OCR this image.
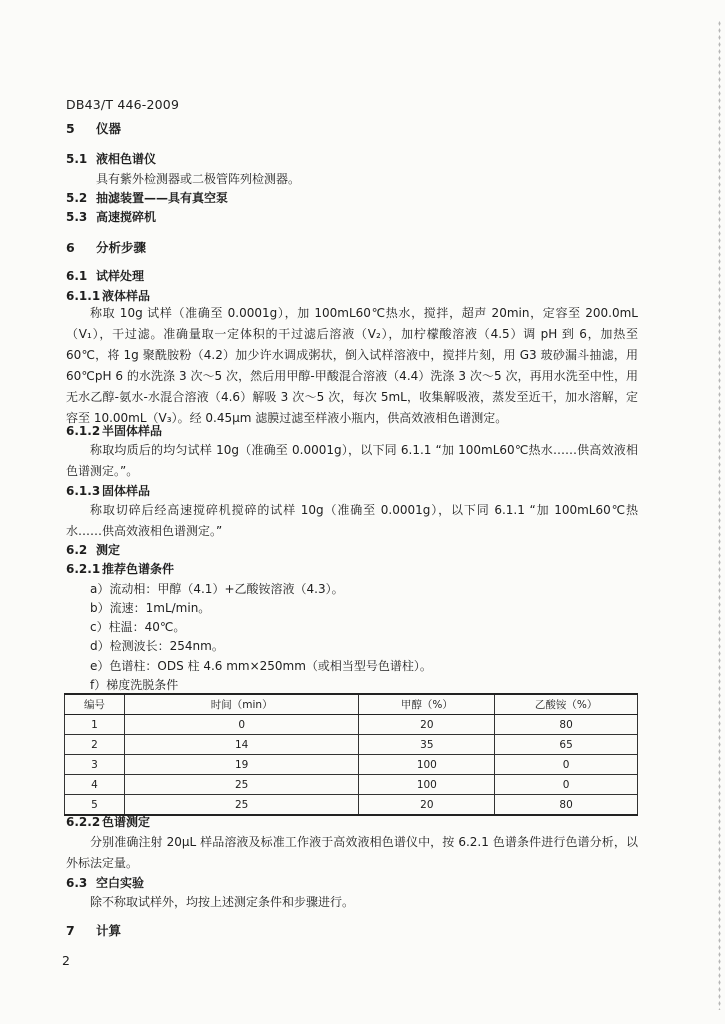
DB43/T 446-2009
5 仪器
5.1 液相色谱仪
具有紫外检测器或二极管阵列检测器。
5.2 抽滤装置——具有真空泵
5.3 高速搅碎机
6 分析步骤
6.1 试样处理
6.1.1 液体样品
称取 10g 试样（准确至 0.0001g），加 100mL60℃热水，搅拌，超声 20min，定容至 200.0mL（V₁），干过滤。准确量取一定体积的干过滤后溶液（V₂），加柠檬酸溶液（4.5）调 pH 到 6，加热至 60℃，将 1g 聚酰胺粉（4.2）加少许水调成粥状，倒入试样溶液中，搅拌片刻，用 G3 玻砂漏斗抽滤，用 60℃pH 6 的水洗涤 3 次～5 次，然后用甲醇-甲酸混合溶液（4.4）洗涤 3 次～5 次，再用水洗至中性，用无水乙醇-氨水-水混合溶液（4.6）解吸 3 次～5 次，每次 5mL，收集解吸液，蒸发至近干，加水溶解，定容至 10.00mL（V₃）。经 0.45μm 滤膜过滤至样液小瓶内，供高效液相色谱测定。
6.1.2 半固体样品
称取均质后的均匀试样 10g（准确至 0.0001g），以下同 6.1.1 “加 100mL60℃热水……供高效液相色谱测定。”。
6.1.3 固体样品
称取切碎后经高速搅碎机搅碎的试样 10g（准确至 0.0001g），以下同 6.1.1 “加 100mL60℃热水……供高效液相色谱测定。”
6.2 测定
6.2.1 推荐色谱条件
a）流动相：甲醇（4.1）+乙酸铵溶液（4.3）。
b）流速：1mL/min。
c）柱温：40℃。
d）检测波长：254nm。
e）色谱柱：ODS 柱 4.6 mm×250mm（或相当型号色谱柱）。
f）梯度洗脱条件
编号	时间（min）	甲醇（%）	乙酸铵（%）
1	0	20	80
2	14	35	65
3	19	100	0
4	25	100	0
5	25	20	80
6.2.2 色谱测定
分别准确注射 20μL 样品溶液及标准工作液于高效液相色谱仪中，按 6.2.1 色谱条件进行色谱分析，以外标法定量。
6.3 空白实验
除不称取试样外，均按上述测定条件和步骤进行。
7 计算
2
